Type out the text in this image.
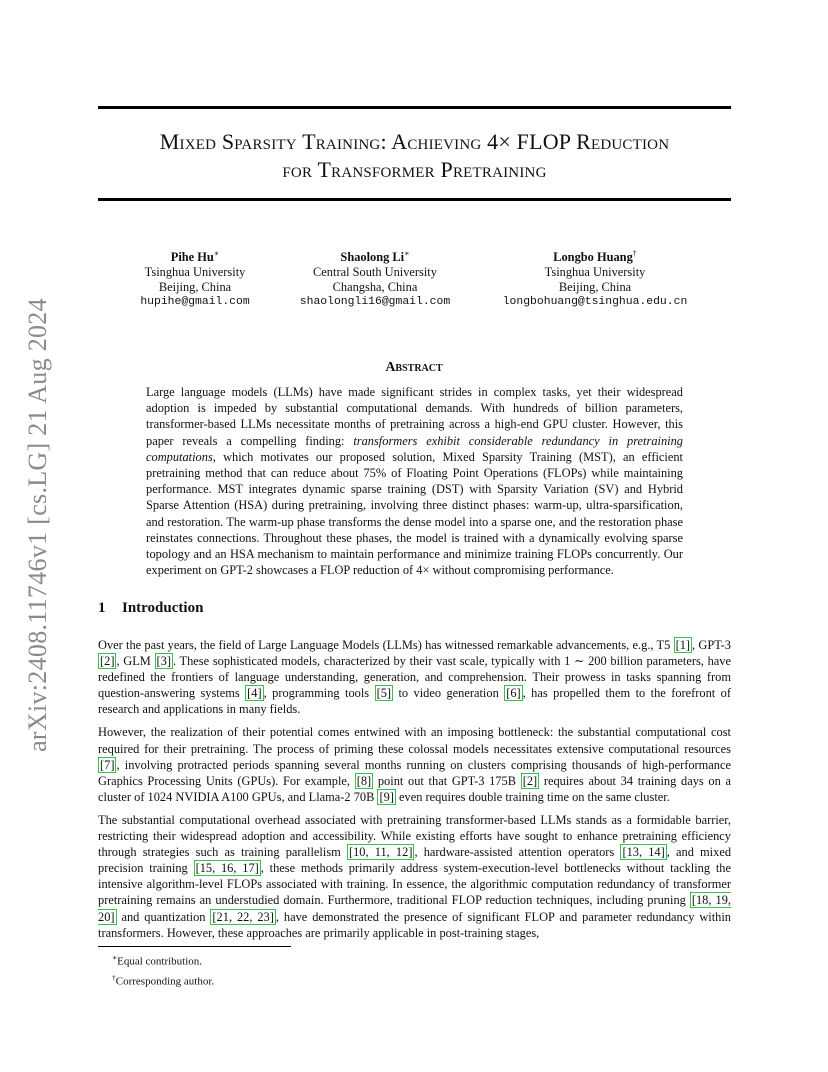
arXiv:2408.11746v1 [cs.LG] 21 Aug 2024
Mixed Sparsity Training: Achieving 4× FLOP Reduction
for Transformer Pretraining
Pihe Hu∗
Tsinghua University
Beijing, China
hupihe@gmail.com
Shaolong Li∗
Central South University
Changsha, China
shaolongli16@gmail.com
Longbo Huang†
Tsinghua University
Beijing, China
longbohuang@tsinghua.edu.cn
Abstract

Large language models (LLMs) have made significant strides in complex tasks, yet their widespread adoption is impeded by substantial computational demands. With hundreds of billion parameters, transformer-based LLMs necessitate months of pretraining across a high-end GPU cluster. However, this paper reveals a compelling finding: transformers exhibit considerable redundancy in pretraining computations, which motivates our proposed solution, Mixed Sparsity Training (MST), an efficient pretraining method that can reduce about 75% of Floating Point Operations (FLOPs) while maintaining performance. MST integrates dynamic sparse training (DST) with Sparsity Variation (SV) and Hybrid Sparse Attention (HSA) during pretraining, involving three distinct phases: warm-up, ultra-sparsification, and restoration. The warm-up phase transforms the dense model into a sparse one, and the restoration phase reinstates connections. Throughout these phases, the model is trained with a dynamically evolving sparse topology and an HSA mechanism to maintain performance and minimize training FLOPs concurrently. Our experiment on GPT-2 showcases a FLOP reduction of 4× without compromising performance.

1 Introduction

Over the past years, the field of Large Language Models (LLMs) has witnessed remarkable advancements, e.g., T5 [1] , GPT-3 [2] , GLM [3] . These sophisticated models, characterized by their vast scale, typically with 1 ∼ 200 billion parameters, have redefined the frontiers of language understanding, generation, and comprehension. Their prowess in tasks spanning from question-answering systems [4] , programming tools [5] to video generation [6] , has propelled them to the forefront of research and applications in many fields.

However, the realization of their potential comes entwined with an imposing bottleneck: the substantial computational cost required for their pretraining. The process of priming these colossal models necessitates extensive computational resources [7] , involving protracted periods spanning several months running on clusters comprising thousands of high-performance Graphics Processing Units (GPUs). For example, [8] point out that GPT-3 175B [2] requires about 34 training days on a cluster of 1024 NVIDIA A100 GPUs, and Llama-2 70B [9] even requires double training time on the same cluster.

The substantial computational overhead associated with pretraining transformer-based LLMs stands as a formidable barrier, restricting their widespread adoption and accessibility. While existing efforts have sought to enhance pretraining efficiency through strategies such as training parallelism [10, 11, 12] , hardware-assisted attention operators [13, 14] , and mixed precision training [15, 16, 17] , these methods primarily address system-execution-level bottlenecks without tackling the intensive algorithm-level FLOPs associated with training. In essence, the algorithmic computation redundancy of transformer pretraining remains an understudied domain. Furthermore, traditional FLOP reduction techniques, including pruning [18, 19, 20] and quantization [21, 22, 23] , have demonstrated the presence of significant FLOP and parameter redundancy within transformers. However, these approaches are primarily applicable in post-training stages,

∗Equal contribution.
†Corresponding author.
